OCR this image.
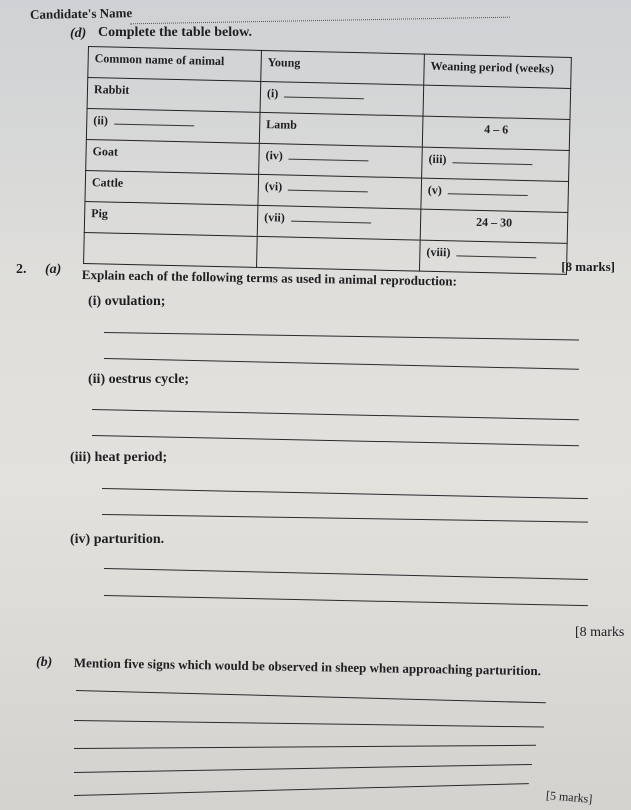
Candidate's Name
(d) Complete the table below.
Common name of animal	Young	Weaning period (weeks)
Rabbit	(i)	
(ii)	Lamb	4 – 6
Goat	(iv)	(iii)
Cattle	(vi)	(v)
Pig	(vii)	24 – 30
		(viii)
[8 marks]
2. (a) Explain each of the following terms as used in animal reproduction:
(i) ovulation;
(ii) oestrus cycle;
(iii) heat period;
(iv) parturition.
[8 marks
(b) Mention five signs which would be observed in sheep when approaching parturition.
[5 marks]
